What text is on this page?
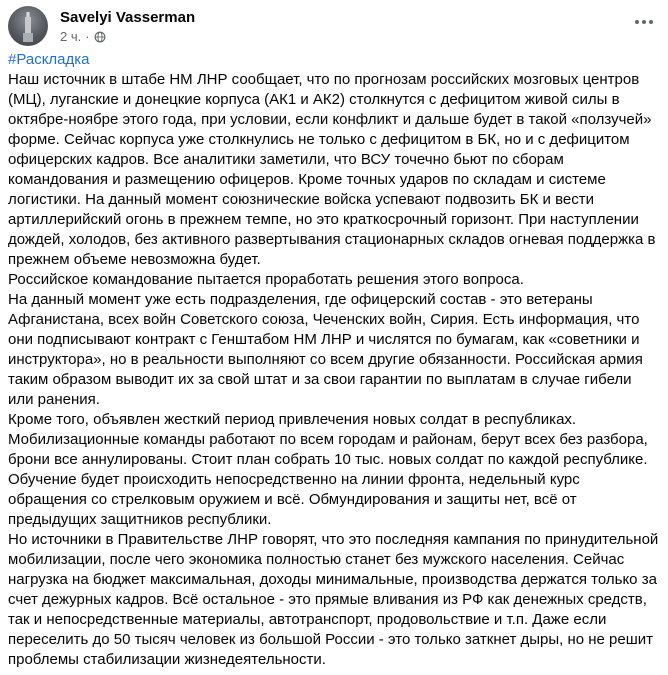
Savelyi Vasserman
2 ч. ·
#Раскладка

Наш источник в штабе НМ ЛНР сообщает, что по прогнозам российских мозговых центров (МЦ), луганские и донецкие корпуса (АК1 и АК2) столкнутся с дефицитом живой силы в октябре-ноябре этого года, при условии, если конфликт и дальше будет в такой «ползучей» форме. Сейчас корпуса уже столкнулись не только с дефицитом в БК, но и с дефицитом офицерских кадров. Все аналитики заметили, что ВСУ точечно бьют по сборам командования и размещению офицеров. Кроме точных ударов по складам и системе логистики. На данный момент союзнические войска успевают подвозить БК и вести артиллерийский огонь в прежнем темпе, но это краткосрочный горизонт. При наступлении дождей, холодов, без активного развертывания стационарных складов огневая поддержка в прежнем объеме невозможна будет.

Российское командование пытается проработать решения этого вопроса.

На данный момент уже есть подразделения, где офицерский состав - это ветераны Афганистана, всех войн Советского союза, Чеченских войн, Сирия. Есть информация, что они подписывают контракт с Генштабом НМ ЛНР и числятся по бумагам, как «советники и инструктора», но в реальности выполняют со всем другие обязанности. Российская армия таким образом выводит их за свой штат и за свои гарантии по выплатам в случае гибели или ранения.

Кроме того, объявлен жесткий период привлечения новых солдат в республиках. Мобилизационные команды работают по всем городам и районам, берут всех без разбора, брони все аннулированы. Стоит план собрать 10 тыс. новых солдат по каждой республике.

Обучение будет происходить непосредственно на линии фронта, недельный курс обращения со стрелковым оружием и всё. Обмундирования и защиты нет, всё от предыдущих защитников республики.

Но источники в Правительстве ЛНР говорят, что это последняя кампания по принудительной мобилизации, после чего экономика полностью станет без мужского населения. Сейчас нагрузка на бюджет максимальная, доходы минимальные, производства держатся только за счет дежурных кадров. Всё остальное - это прямые вливания из РФ как денежных средств, так и непосредственные материалы, автотранспорт, продовольствие и т.п. Даже если переселить до 50 тысяч человек из большой России - это только заткнет дыры, но не решит проблемы стабилизации жизнедеятельности.
